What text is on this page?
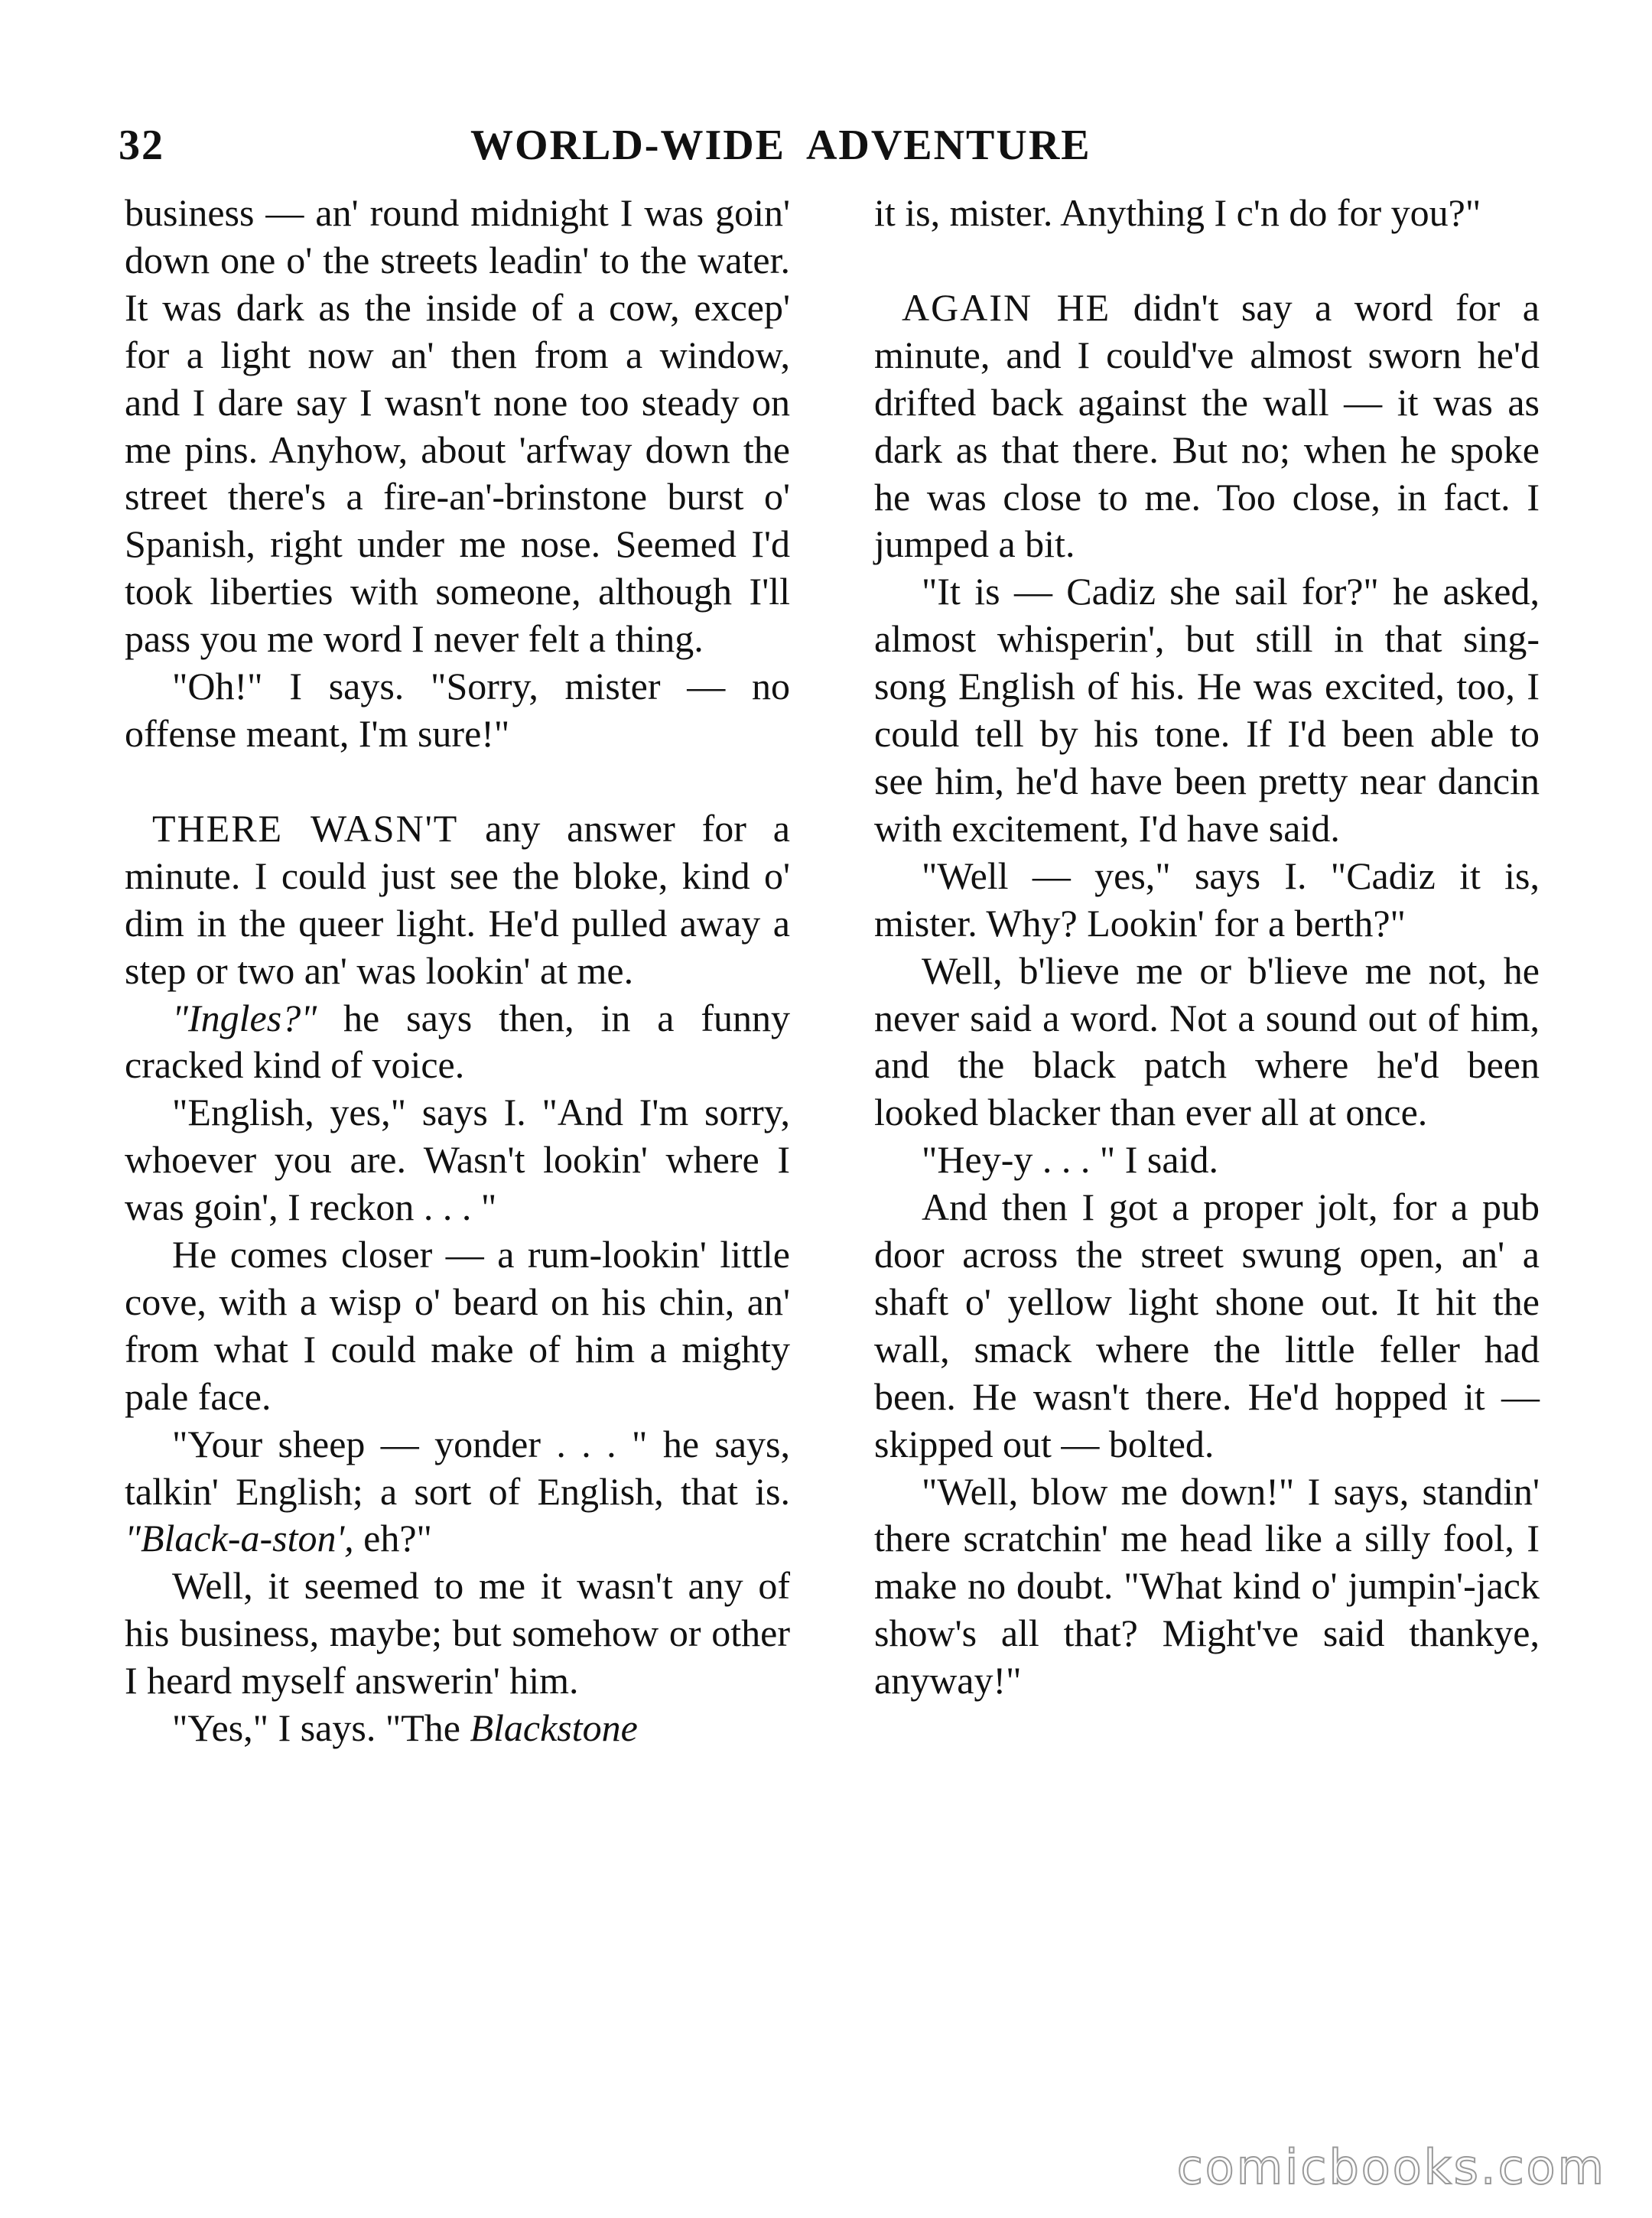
32	WORLD-WIDE ADVENTURE

business — an' round midnight I was goin' down one o' the streets leadin' to the water. It was dark as the inside of a cow, excep' for a light now an' then from a window, and I dare say I wasn't none too steady on me pins. Anyhow, about 'arfway down the street there's a fire-an'-brinstone burst o' Spanish, right under me nose. Seemed I'd took liberties with someone, although I'll pass you me word I never felt a thing.

"Oh!" I says. "Sorry, mister — no offense meant, I'm sure!"

THERE WASN'T any answer for a minute. I could just see the bloke, kind o' dim in the queer light. He'd pulled away a step or two an' was lookin' at me.

"Ingles?" he says then, in a funny cracked kind of voice.

"English, yes," says I. "And I'm sorry, whoever you are. Wasn't lookin' where I was goin', I reckon . . . "

He comes closer — a rum-lookin' little cove, with a wisp o' beard on his chin, an' from what I could make of him a mighty pale face.

"Your sheep — yonder . . . " he says, talkin' English; a sort of English, that is. "Black-a-ston', eh?"

Well, it seemed to me it wasn't any of his business, maybe; but somehow or other I heard myself answerin' him.

"Yes," I says. "The Blackstone

it is, mister. Anything I c'n do for you?"

AGAIN HE didn't say a word for a minute, and I could've almost sworn he'd drifted back against the wall — it was as dark as that there. But no; when he spoke he was close to me. Too close, in fact. I jumped a bit.

"It is — Cadiz she sail for?" he asked, almost whisperin', but still in that sing-song English of his. He was excited, too, I could tell by his tone. If I'd been able to see him, he'd have been pretty near dancin with excitement, I'd have said.

"Well — yes," says I. "Cadiz it is, mister. Why? Lookin' for a berth?"

Well, b'lieve me or b'lieve me not, he never said a word. Not a sound out of him, and the black patch where he'd been looked blacker than ever all at once.

"Hey-y . . . " I said.

And then I got a proper jolt, for a pub door across the street swung open, an' a shaft o' yellow light shone out. It hit the wall, smack where the little feller had been. He wasn't there. He'd hopped it — skipped out — bolted.

"Well, blow me down!" I says, standin' there scratchin' me head like a silly fool, I make no doubt. "What kind o' jumpin'-jack show's all that? Might've said thankye, anyway!"

comicbooks.com
